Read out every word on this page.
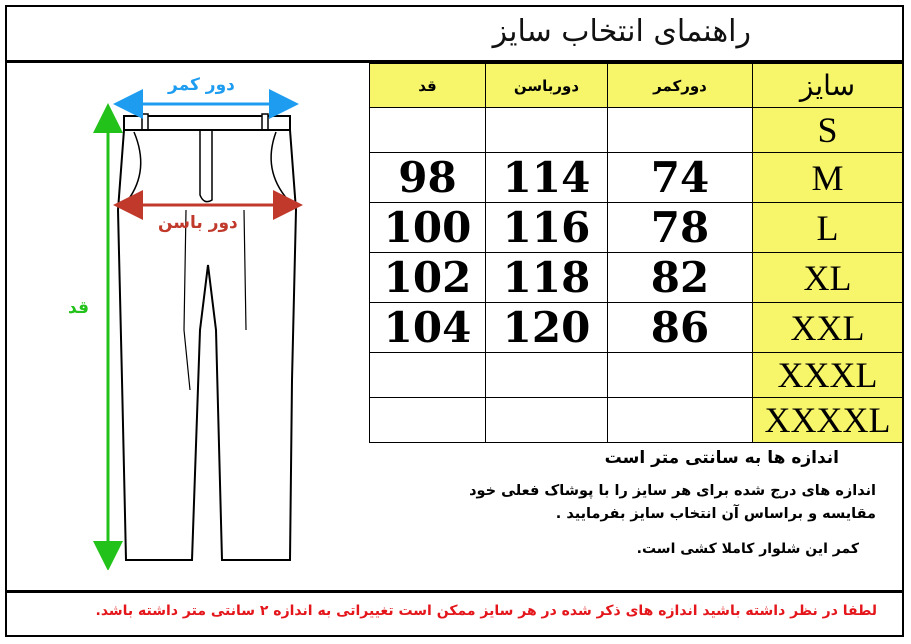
راهنمای انتخاب سایز
دور کمر
دور باسن
قد
قد	دورباسن	دورکمر	سایز
			S
98	114	74	M
100	116	78	L
102	118	82	XL
104	120	86	XXL
			XXXL
			XXXXL
اندازه ها به سانتی متر است
اندازه های درج شده برای هر سایز را با پوشاک فعلی خود مقایسه و براساس آن انتخاب سایز بفرمایید .
کمر این شلوار کاملا کشی است.
لطفا در نظر داشته باشید اندازه های ذکر شده در هر سایز ممکن است تغییراتی به اندازه ۲ سانتی متر داشته باشد.
